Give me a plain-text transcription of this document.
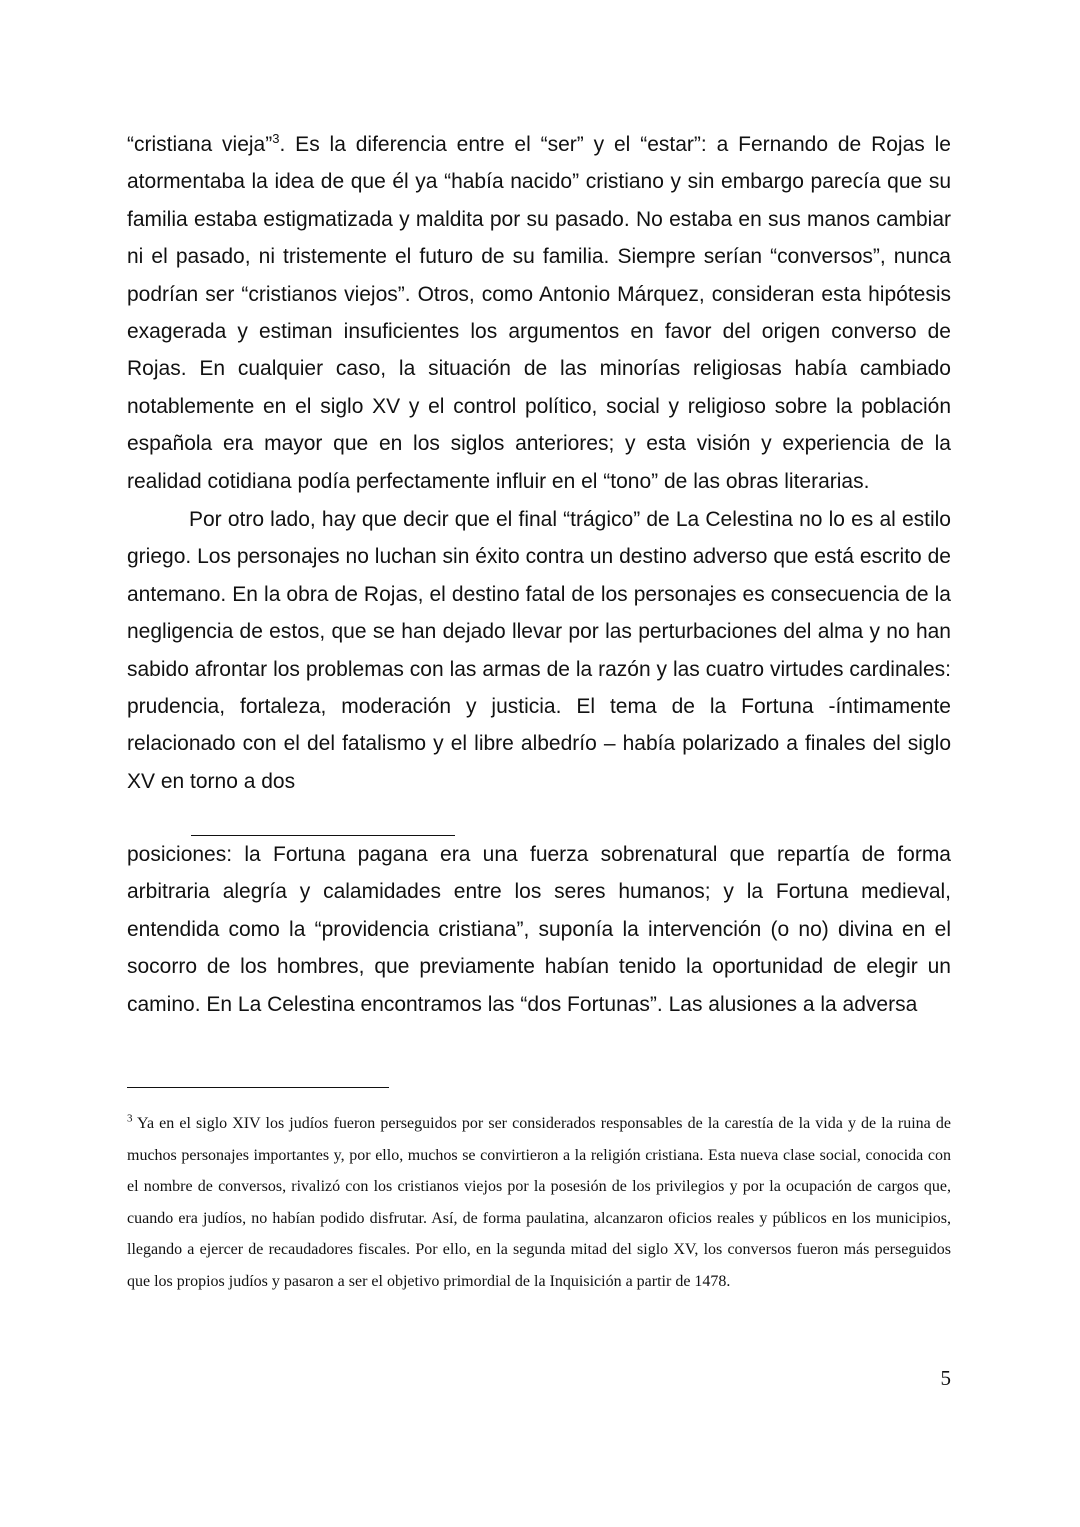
“cristiana vieja”$^3$. Es la diferencia entre el “ser” y el “estar”: a Fernando de Rojas le atormentaba la idea de que él ya “había nacido” cristiano y sin embargo parecía que su familia estaba estigmatizada y maldita por su pasado. No estaba en sus manos cambiar ni el pasado, ni tristemente el futuro de su familia. Siempre serían “conversos”, nunca podrían ser “cristianos viejos”. Otros, como Antonio Márquez, consideran esta hipótesis exagerada y estiman insuficientes los argumentos en favor del origen converso de Rojas. En cualquier caso, la situación de las minorías religiosas había cambiado notablemente en el siglo XV y el control político, social y religioso sobre la población española era mayor que en los siglos anteriores; y esta visión y experiencia de la realidad cotidiana podía perfectamente influir en el “tono” de las obras literarias.

Por otro lado, hay que decir que el final “trágico” de La Celestina no lo es al estilo griego. Los personajes no luchan sin éxito contra un destino adverso que está escrito de antemano. En la obra de Rojas, el destino fatal de los personajes es consecuencia de la negligencia de estos, que se han dejado llevar por las perturbaciones del alma y no han sabido afrontar los problemas con las armas de la razón y las cuatro virtudes cardinales: prudencia, fortaleza, moderación y justicia. El tema de la Fortuna -íntimamente relacionado con el del fatalismo y el libre albedrío – había polarizado a finales del siglo XV en torno a dos

posiciones: la Fortuna pagana era una fuerza sobrenatural que repartía de forma arbitraria alegría y calamidades entre los seres humanos; y la Fortuna medieval, entendida como la “providencia cristiana”, suponía la intervención (o no) divina en el socorro de los hombres, que previamente habían tenido la oportunidad de elegir un camino. En La Celestina encontramos las “dos Fortunas”. Las alusiones a la adversa

$^3$ Ya en el siglo XIV los judíos fueron perseguidos por ser considerados responsables de la carestía de la vida y de la ruina de muchos personajes importantes y, por ello, muchos se convirtieron a la religión cristiana. Esta nueva clase social, conocida con el nombre de conversos, rivalizó con los cristianos viejos por la posesión de los privilegios y por la ocupación de cargos que, cuando era judíos, no habían podido disfrutar. Así, de forma paulatina, alcanzaron oficios reales y públicos en los municipios, llegando a ejercer de recaudadores fiscales. Por ello, en la segunda mitad del siglo XV, los conversos fueron más perseguidos que los propios judíos y pasaron a ser el objetivo primordial de la Inquisición a partir de 1478.

5
